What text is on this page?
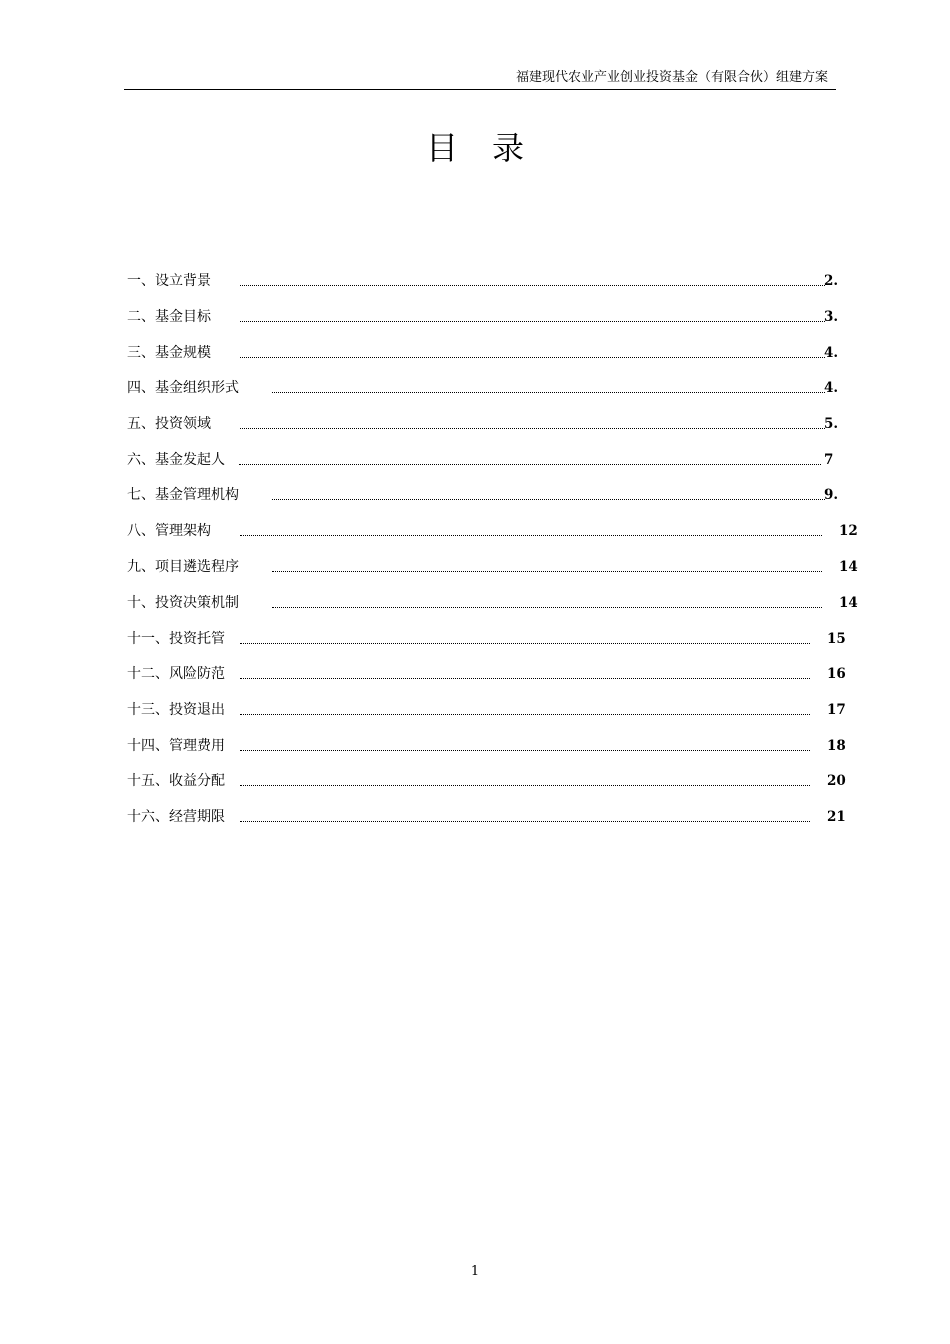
福建现代农业产业创业投资基金（有限合伙）组建方案
目 录
一、设立背景	2.
二、基金目标	3.
三、基金规模	4.
四、基金组织形式	4.
五、投资领域	5.
六、基金发起人	7
七、基金管理机构	9.
八、管理架构	12
九、项目遴选程序	14
十、投资决策机制	14
十一、投资托管	15
十二、风险防范	16
十三、投资退出	17
十四、管理费用	18
十五、收益分配	20
十六、经营期限	21
1
